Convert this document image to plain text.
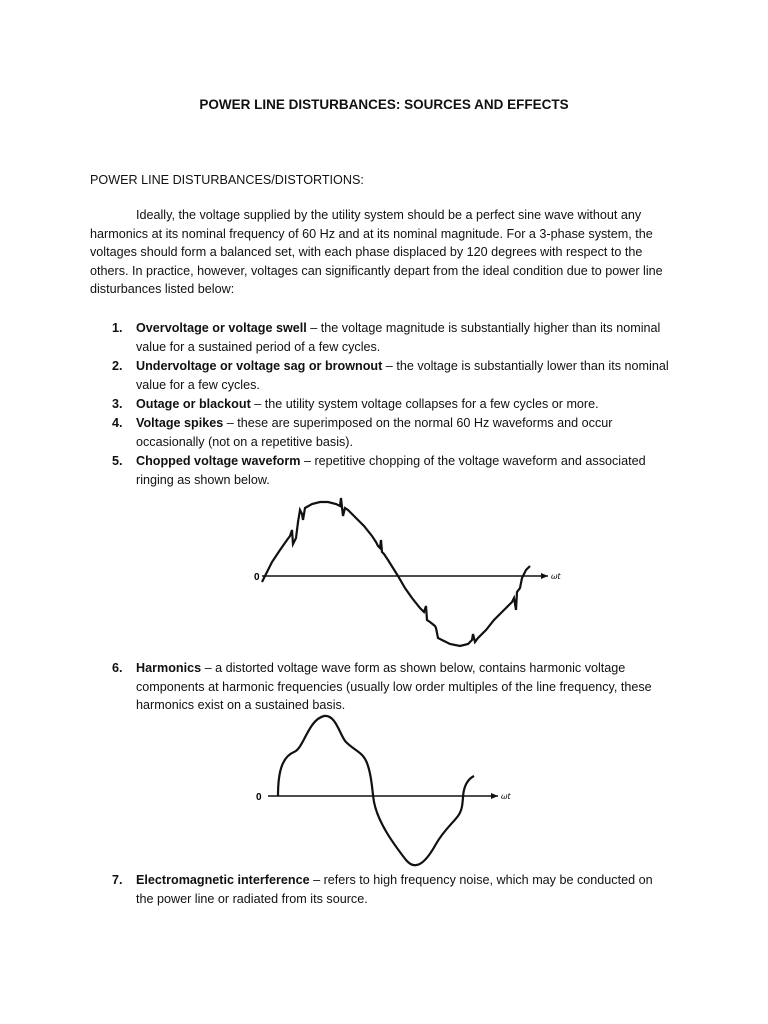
POWER LINE DISTURBANCES: SOURCES AND EFFECTS
POWER LINE DISTURBANCES/DISTORTIONS:
Ideally, the voltage supplied by the utility system should be a perfect sine wave without any harmonics at its nominal frequency of 60 Hz and at its nominal magnitude. For a 3-phase system, the voltages should form a balanced set, with each phase displaced by 120 degrees with respect to the others. In practice, however, voltages can significantly depart from the ideal condition due to power line disturbances listed below:
1. Overvoltage or voltage swell – the voltage magnitude is substantially higher than its nominal value for a sustained period of a few cycles.
2. Undervoltage or voltage sag or brownout – the voltage is substantially lower than its nominal value for a few cycles.
3. Outage or blackout – the utility system voltage collapses for a few cycles or more.
4. Voltage spikes – these are superimposed on the normal 60 Hz waveforms and occur occasionally (not on a repetitive basis).
5. Chopped voltage waveform – repetitive chopping of the voltage waveform and associated ringing as shown below.
0	ωt
6. Harmonics – a distorted voltage wave form as shown below, contains harmonic voltage components at harmonic frequencies (usually low order multiples of the line frequency, these harmonics exist on a sustained basis.
0	ωt
7. Electromagnetic interference – refers to high frequency noise, which may be conducted on the power line or radiated from its source.
